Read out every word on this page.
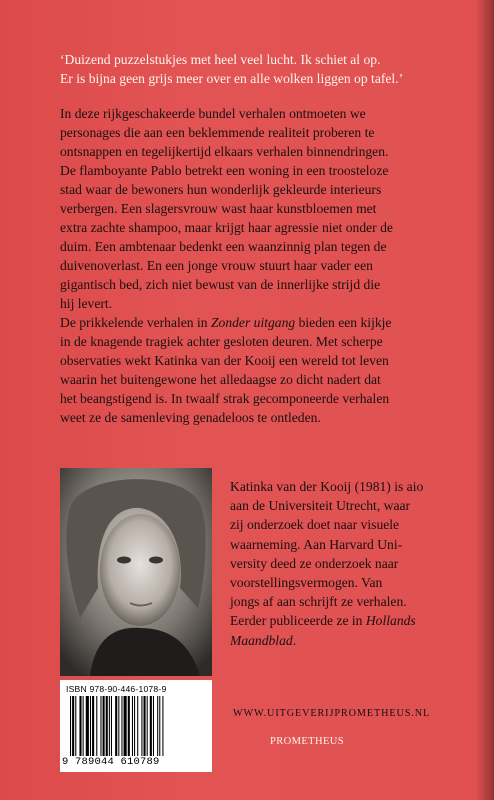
‘Duizend puzzelstukjes met heel veel lucht. Ik schiet al op.

Er is bijna geen grijs meer over en alle wolken liggen op tafel.’

In deze rijkgeschakeerde bundel verhalen ontmoeten we
personages die aan een beklemmende realiteit proberen te
ontsnappen en tegelijkertijd elkaars verhalen binnendringen.
De flamboyante Pablo betrekt een woning in een troosteloze
stad waar de bewoners hun wonderlijk gekleurde interieurs
verbergen. Een slagersvrouw wast haar kunstbloemen met
extra zachte shampoo, maar krijgt haar agressie niet onder de
duim. Een ambtenaar bedenkt een waanzinnig plan tegen de
duivenoverlast. En een jonge vrouw stuurt haar vader een
gigantisch bed, zich niet bewust van de innerlijke strijd die
hij levert.

De prikkelende verhalen in Zonder uitgang bieden een kijkje
in de knagende tragiek achter gesloten deuren. Met scherpe
observaties wekt Katinka van der Kooij een wereld tot leven
waarin het buitengewone het alledaagse zo dicht nadert dat
het beangstigend is. In twaalf strak gecomponeerde verhalen
weet ze de samenleving genadeloos te ontleden.

Katinka van der Kooij (1981) is aio
aan de Universiteit Utrecht, waar
zij onderzoek doet naar visuele
waarneming. Aan Harvard Uni-
versity deed ze onderzoek naar
voorstellingsvermogen. Van
jongs af aan schrijft ze verhalen.
Eerder publiceerde ze in Hollands
Maandblad.
ISBN 978-90-446-1078-9
9 789044 610789
WWW.UITGEVERIJPROMETHEUS.NL
PROMETHEUS
